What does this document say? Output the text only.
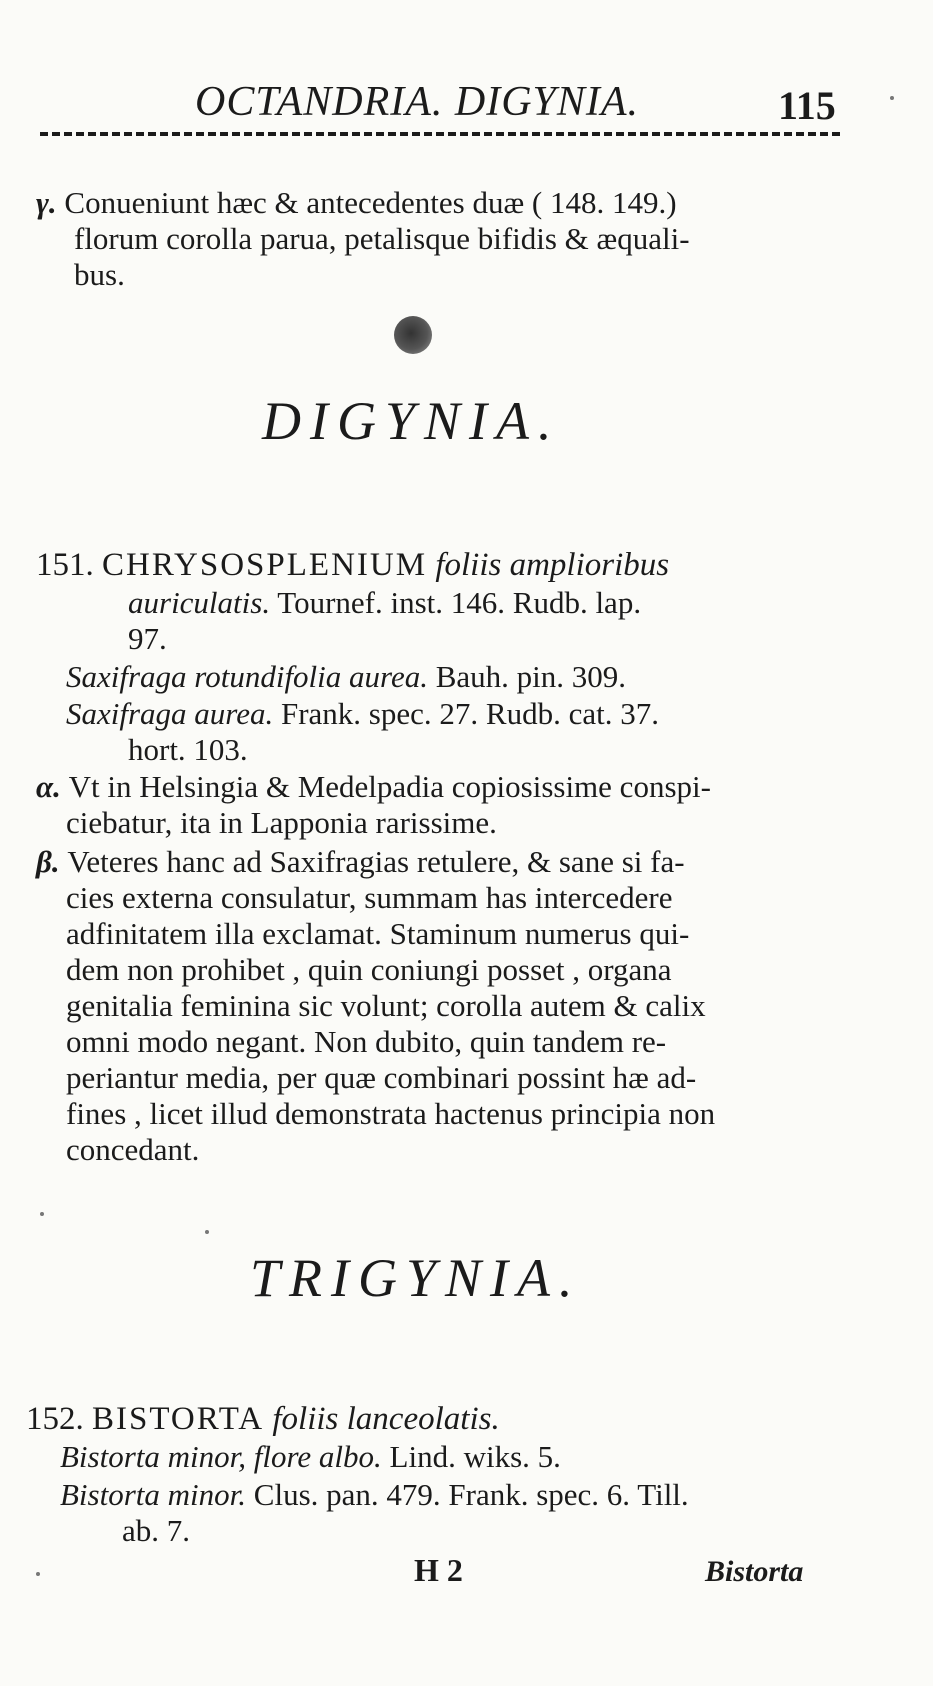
OCTANDRIA. DIGYNIA.	115
γ. Conueniunt hæc & antecedentes duæ ( 148. 149.)
florum corolla parua, petalisque bifidis & æquali-
bus.
DIGYNIA.
151. CHRYSOSPLENIUM foliis amplioribus
auriculatis. Tournef. inst. 146. Rudb. lap.
97.
Saxifraga rotundifolia aurea. Bauh. pin. 309.
Saxifraga aurea. Frank. spec. 27. Rudb. cat. 37.
hort. 103.
α. Vt in Helsingia & Medelpadia copiosissime conspi-
ciebatur, ita in Lapponia rarissime.
β. Veteres hanc ad Saxifragias retulere, & sane si fa-
cies externa consulatur, summam has intercedere
adfinitatem illa exclamat. Staminum numerus qui-
dem non prohibet , quin coniungi posset , organa
genitalia feminina sic volunt; corolla autem & calix
omni modo negant. Non dubito, quin tandem re-
periantur media, per quæ combinari possint hæ ad-
fines , licet illud demonstrata hactenus principia non
concedant.
TRIGYNIA.
152. BISTORTA foliis lanceolatis.
Bistorta minor, flore albo. Lind. wiks. 5.
Bistorta minor. Clus. pan. 479. Frank. spec. 6. Till.
ab. 7.
H 2	Bistorta
